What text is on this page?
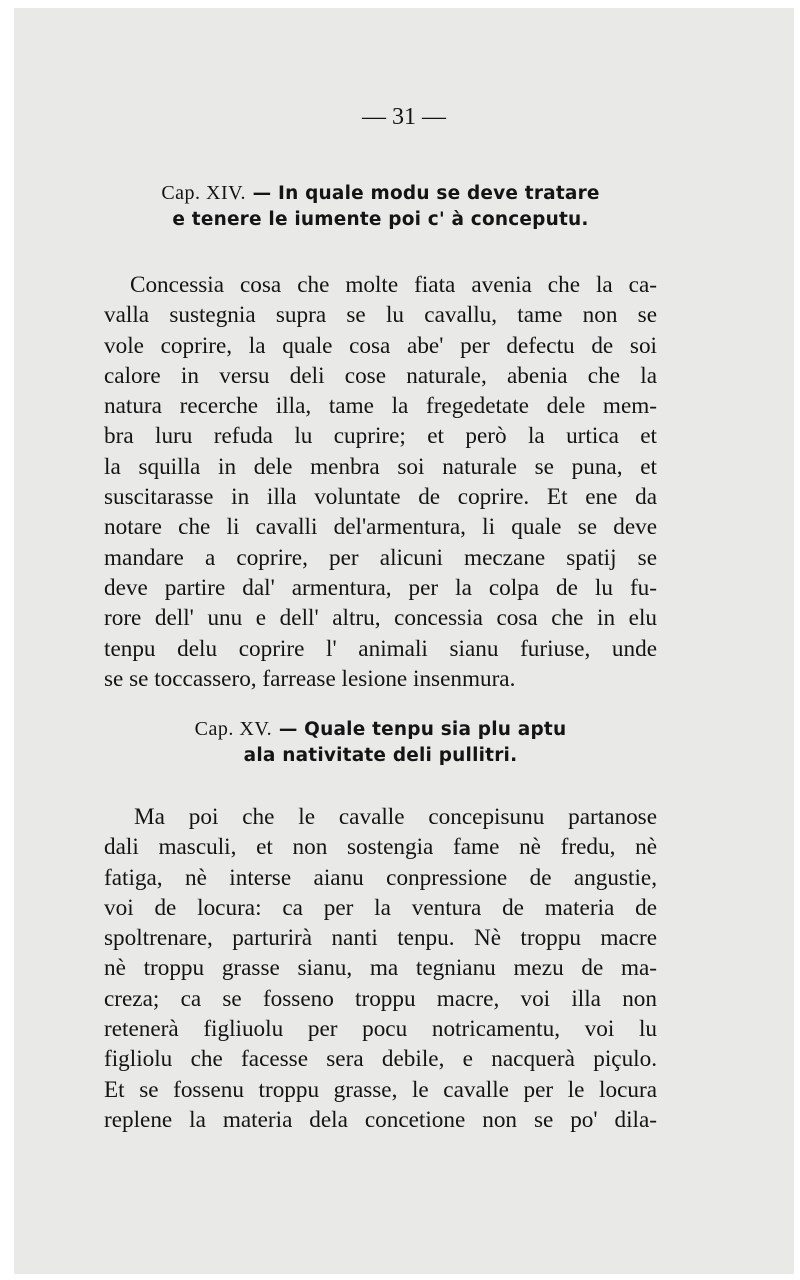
— 31 —

Cap. XIV. — In quale modu se deve tratare
e tenere le iumente poi c' à conceputu.
Concessia cosa che molte fiata avenia che la ca-
valla sustegnia supra se lu cavallu, tame non se
vole coprire, la quale cosa abe' per defectu de soi
calore in versu deli cose naturale, abenia che la
natura recerche illa, tame la fregedetate dele mem-
bra luru refuda lu cuprire; et però la urtica et
la squilla in dele menbra soi naturale se puna, et
suscitarasse in illa voluntate de coprire. Et ene da
notare che li cavalli del'armentura, li quale se deve
mandare a coprire, per alicuni meczane spatij se
deve partire dal' armentura, per la colpa de lu fu-
rore dell' unu e dell' altru, concessia cosa che in elu
tenpu delu coprire l' animali sianu furiuse, unde
se se toccassero, farrease lesione insenmura.
Cap. XV. — Quale tenpu sia plu aptu
ala nativitate deli pullitri.
Ma poi che le cavalle concepisunu partanose
dali masculi, et non sostengia fame nè fredu, nè
fatiga, nè interse aianu conpressione de angustie,
voi de locura: ca per la ventura de materia de
spoltrenare, parturirà nanti tenpu. Nè troppu macre
nè troppu grasse sianu, ma tegnianu mezu de ma-
creza; ca se fosseno troppu macre, voi illa non
retenerà figliuolu per pocu notricamentu, voi lu
figliolu che facesse sera debile, e nacquerà piçulo.
Et se fossenu troppu grasse, le cavalle per le locura
replene la materia dela concetione non se po' dila-
